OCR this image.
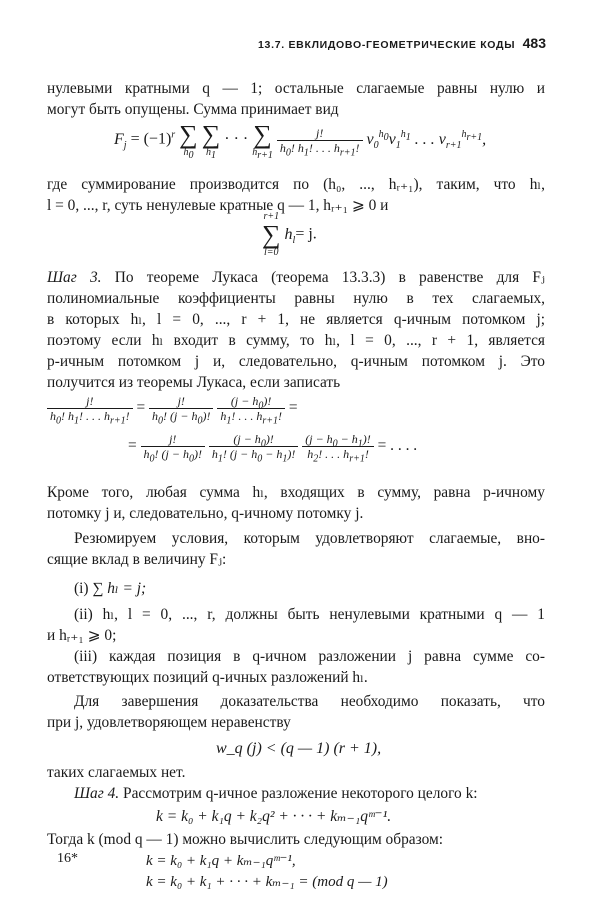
13.7. ЕВКЛИДОВО-ГЕОМЕТРИЧЕСКИЕ КОДЫ 483
нулевыми кратными q — 1; остальные слагаемые равны нулю и
могут быть опущены. Сумма принимает вид
$F_j = (-1)^r$ ∑
$h_0$

∑
$h_1$
· · · ∑
$h_{r+1}$

$\frac{j!}{h_0! h_1! . . . h_{r+1}!} v_0^{h_0}v_1^{h_1}$ . . . $v_{r+1}^{h_{r+1}}$,
где суммирование производится по (h₀, ..., hᵣ₊₁), таким, что hₗ,
l = 0, ..., r, суть ненулевые кратные q — 1, hᵣ₊₁ ⩾ 0 и
r+1
∑
l=0
$h_l= j$.
Шаг 3. По теореме Лукаса (теорема 13.3.3) в равенстве для Fⱼ
полиномиальные коэффициенты равны нулю в тех слагаемых,
в которых hₗ, l = 0, ..., r + 1, не является q-ичным потомком j;
поэтому если hₗ входит в сумму, то hₗ, l = 0, ..., r + 1, является
p-ичным потомком j и, следовательно, q-ичным потомком j. Это
получится из теоремы Лукаса, если записать
$\frac{j!}{h_0! h_1! . . . h_{r+1}!} = \frac{j!}{h_0! (j - h_0)!}$
$\frac{(j - h_0)!}{h_1! . . . h_{r+1}!}$ =
= $\frac{j!}{h_0! (j - h_0)!}$
$\frac{(j - h_0)!}{h_1! (j - h_0 - h_1)!}$
$\frac{(j - h_0 - h_1)!}{h_2! . . . h_{r+1}!}$ = . . . .
Кроме того, любая сумма hₗ, входящих в сумму, равна p-ичному
потомку j и, следовательно, q-ичному потомку j.
Резюмируем условия, которым удовлетворяют слагаемые, вно-
сящие вклад в величину Fⱼ:
(i) ∑ hₗ = j;
(ii) hₗ, l = 0, ..., r, должны быть ненулевыми кратными q — 1
и hᵣ₊₁ ⩾ 0;
(iii) каждая позиция в q-ичном разложении j равна сумме со-
ответствующих позиций q-ичных разложений hₗ.
Для завершения доказательства необходимо показать, что
при j, удовлетворяющем неравенству
w_q (j) < (q — 1) (r + 1),
таких слагаемых нет.
Шаг 4. Рассмотрим q-ичное разложение некоторого целого k:
k = k₀ + k₁q + k₂q² + · · · + kₘ₋₁qᵐ⁻¹.
Тогда k (mod q — 1) можно вычислить следующим образом:
k = k₀ + k₁q + kₘ₋₁qᵐ⁻¹,
k = k₀ + k₁ + · · · + kₘ₋₁ = (mod q — 1)
16*
